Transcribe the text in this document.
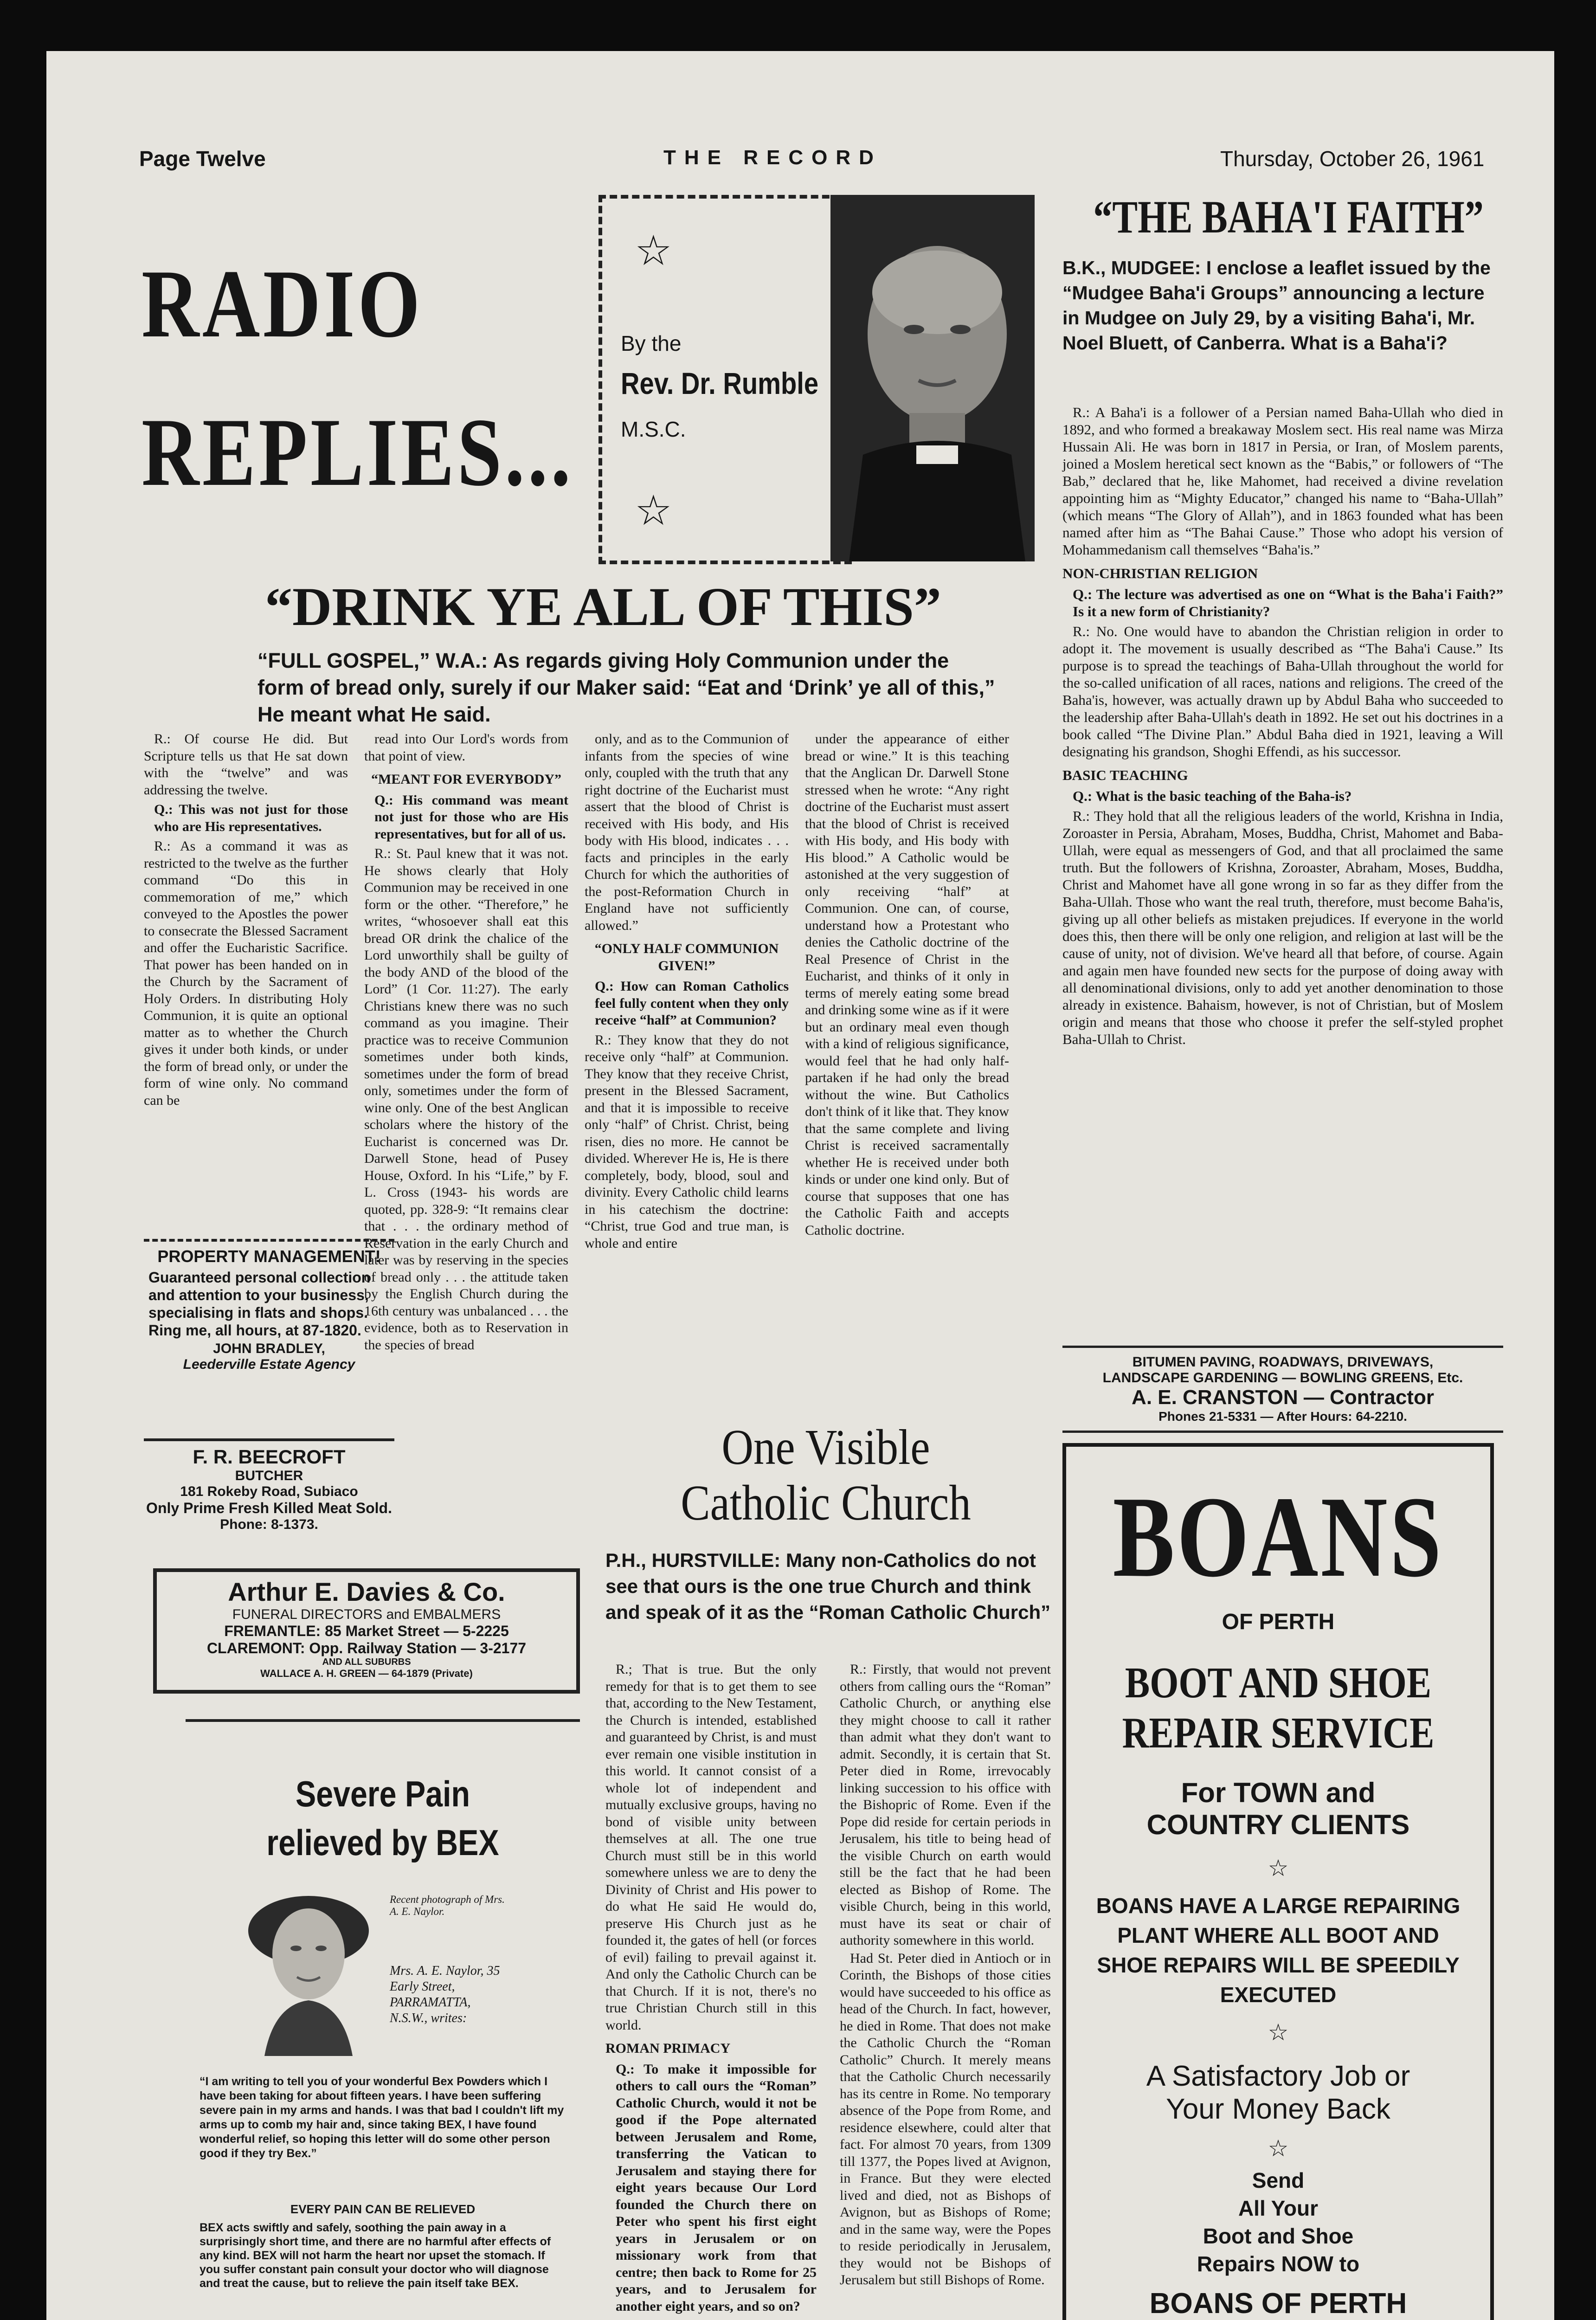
Page Twelve	THE RECORD	Thursday, October 26, 1961
RADIO
REPLIES...
☆
By the
Rev. Dr. Rumble
M.S.C.
☆
“DRINK YE ALL OF THIS”
“FULL GOSPEL,” W.A.: As regards giving Holy Communion under the form of bread only, surely if our Maker said: “Eat and ‘Drink’ ye all of this,” He meant what He said.

R.: Of course He did. But Scripture tells us that He sat down with the “twelve” and was addressing the twelve.

Q.: This was not just for those who are His representatives.

R.: As a command it was as restricted to the twelve as the further command “Do this in commemoration of me,” which conveyed to the Apostles the power to consecrate the Blessed Sacrament and offer the Eucharistic Sacrifice. That power has been handed on in the Church by the Sacrament of Holy Orders. In distributing Holy Communion, it is quite an optional matter as to whether the Church gives it under both kinds, or under the form of bread only, or under the form of wine only. No command can be

read into Our Lord's words from that point of view.

“MEANT FOR EVERYBODY”

Q.: His command was meant not just for those who are His representatives, but for all of us.

R.: St. Paul knew that it was not. He shows clearly that Holy Communion may be received in one form or the other. “Therefore,” he writes, “whosoever shall eat this bread OR drink the chalice of the Lord unworthily shall be guilty of the body AND of the blood of the Lord” (1 Cor. 11:27). The early Christians knew there was no such command as you imagine. Their practice was to receive Communion sometimes under both kinds, sometimes under the form of bread only, sometimes under the form of wine only. One of the best Anglican scholars where the history of the Eucharist is concerned was Dr. Darwell Stone, head of Pusey House, Oxford. In his “Life,” by F. L. Cross (1943- his words are quoted, pp. 328-9: “It remains clear that . . . the ordinary method of Reservation in the early Church and later was by reserving in the species of bread only . . . the attitude taken by the English Church during the 16th century was unbalanced . . . the evidence, both as to Reservation in the species of bread

only, and as to the Communion of infants from the species of wine only, coupled with the truth that any right doctrine of the Eucharist must assert that the blood of Christ is received with His body, and His body with His blood, indicates . . . facts and principles in the early Church for which the authorities of the post-Reformation Church in England have not sufficiently allowed.”

“ONLY HALF COMMUNION GIVEN!”

Q.: How can Roman Catholics feel fully content when they only receive “half” at Communion?

R.: They know that they do not receive only “half” at Communion. They know that they receive Christ, present in the Blessed Sacrament, and that it is impossible to receive only “half” of Christ. Christ, being risen, dies no more. He cannot be divided. Wherever He is, He is there completely, body, blood, soul and divinity. Every Catholic child learns in his catechism the doctrine: “Christ, true God and true man, is whole and entire

under the appearance of either bread or wine.” It is this teaching that the Anglican Dr. Darwell Stone stressed when he wrote: “Any right doctrine of the Eucharist must assert that the blood of Christ is received with His body, and His body with His blood.” A Catholic would be astonished at the very suggestion of only receiving “half” at Communion. One can, of course, understand how a Protestant who denies the Catholic doctrine of the Real Presence of Christ in the Eucharist, and thinks of it only in terms of merely eating some bread and drinking some wine as if it were but an ordinary meal even though with a kind of religious significance, would feel that he had only half-partaken if he had only the bread without the wine. But Catholics don't think of it like that. They know that the same complete and living Christ is received sacramentally whether He is received under both kinds or under one kind only. But of course that supposes that one has the Catholic Faith and accepts Catholic doctrine.

“THE BAHA'I FAITH”
B.K., MUDGEE: I enclose a leaflet issued by the “Mudgee Baha'i Groups” announcing a lecture in Mudgee on July 29, by a visiting Baha'i, Mr. Noel Bluett, of Canberra. What is a Baha'i?

R.: A Baha'i is a follower of a Persian named Baha-Ullah who died in 1892, and who formed a breakaway Moslem sect. His real name was Mirza Hussain Ali. He was born in 1817 in Persia, or Iran, of Moslem parents, joined a Moslem heretical sect known as the “Babis,” or followers of “The Bab,” declared that he, like Mahomet, had received a divine revelation appointing him as “Mighty Educator,” changed his name to “Baha-Ullah” (which means “The Glory of Allah”), and in 1863 founded what has been named after him as “The Bahai Cause.” Those who adopt his version of Mohammedanism call themselves “Baha'is.”

NON-CHRISTIAN RELIGION

Q.: The lecture was advertised as one on “What is the Baha'i Faith?” Is it a new form of Christianity?

R.: No. One would have to abandon the Christian religion in order to adopt it. The movement is usually described as “The Baha'i Cause.” Its purpose is to spread the teachings of Baha-Ullah throughout the world for the so-called unification of all races, nations and religions. The creed of the Baha'is, however, was actually drawn up by Abdul Baha who succeeded to the leadership after Baha-Ullah's death in 1892. He set out his doctrines in a book called “The Divine Plan.” Abdul Baha died in 1921, leaving a Will designating his grandson, Shoghi Effendi, as his successor.

BASIC TEACHING

Q.: What is the basic teaching of the Baha-is?

R.: They hold that all the religious leaders of the world, Krishna in India, Zoroaster in Persia, Abraham, Moses, Buddha, Christ, Mahomet and Baba-Ullah, were equal as messengers of God, and that all proclaimed the same truth. But the followers of Krishna, Zoroaster, Abraham, Moses, Buddha, Christ and Mahomet have all gone wrong in so far as they differ from the Baha-Ullah. Those who want the real truth, therefore, must become Baha'is, giving up all other beliefs as mistaken prejudices. If everyone in the world does this, then there will be only one religion, and religion at last will be the cause of unity, not of division. We've heard all that before, of course. Again and again men have founded new sects for the purpose of doing away with all denominational divisions, only to add yet another denomination to those already in existence. Bahaism, however, is not of Christian, but of Moslem origin and means that those who choose it prefer the self-styled prophet Baha-Ullah to Christ.

BITUMEN PAVING, ROADWAYS, DRIVEWAYS,
LANDSCAPE GARDENING — BOWLING GREENS, Etc.
A. E. CRANSTON — Contractor
Phones 21-5331 — After Hours: 64-2210.
PROPERTY MANAGEMENT!
Guaranteed personal collection and attention to your business, specialising in flats and shops. Ring me, all hours, at 87-1820.
JOHN BRADLEY,
Leederville Estate Agency
F. R. BEECROFT
BUTCHER
181 Rokeby Road, Subiaco
Only Prime Fresh Killed Meat Sold.
Phone: 8-1373.
Arthur E. Davies & Co.
FUNERAL DIRECTORS and EMBALMERS
FREMANTLE: 85 Market Street — 5-2225
CLAREMONT: Opp. Railway Station — 3-2177
AND ALL SUBURBS
WALLACE A. H. GREEN — 64-1879 (Private)
Severe Pain
relieved by BEX
Recent photograph of Mrs. A. E. Naylor.
Mrs. A. E. Naylor, 35 Early Street, PARRAMATTA, N.S.W., writes:
“I am writing to tell you of your wonderful Bex Powders which I have been taking for about fifteen years. I have been suffering severe pain in my arms and hands. I was that bad I couldn't lift my arms up to comb my hair and, since taking BEX, I have found wonderful relief, so hoping this letter will do some other person good if they try Bex.”
EVERY PAIN CAN BE RELIEVED
BEX acts swiftly and safely, soothing the pain away in a surprisingly short time, and there are no harmful after effects of any kind. BEX will not harm the heart nor upset the stomach. If you suffer constant pain consult your doctor who will diagnose and treat the cause, but to relieve the pain itself take BEX.
One Visible
Catholic Church
P.H., HURSTVILLE: Many non-Catholics do not see that ours is the one true Church and think and speak of it as the “Roman Catholic Church”

R.; That is true. But the only remedy for that is to get them to see that, according to the New Testament, the Church is intended, established and guaranteed by Christ, is and must ever remain one visible institution in this world. It cannot consist of a whole lot of independent and mutually exclusive groups, having no bond of visible unity between themselves at all. The one true Church must still be in this world somewhere unless we are to deny the Divinity of Christ and His power to do what He said He would do, preserve His Church just as he founded it, the gates of hell (or forces of evil) failing to prevail against it. And only the Catholic Church can be that Church. If it is not, there's no true Christian Church still in this world.

ROMAN PRIMACY

Q.: To make it impossible for others to call ours the “Roman” Catholic Church, would it not be good if the Pope alternated between Jerusalem and Rome, transferring the Vatican to Jerusalem and staying there for eight years because Our Lord founded the Church there on Peter who spent his first eight years in Jerusalem or on missionary work from that centre; then back to Rome for 25 years, and to Jerusalem for another eight years, and so on?

R.: Firstly, that would not prevent others from calling ours the “Roman” Catholic Church, or anything else they might choose to call it rather than admit what they don't want to admit. Secondly, it is certain that St. Peter died in Rome, irrevocably linking succession to his office with the Bishopric of Rome. Even if the Pope did reside for certain periods in Jerusalem, his title to being head of the visible Church on earth would still be the fact that he had been elected as Bishop of Rome. The visible Church, being in this world, must have its seat or chair of authority somewhere in this world.

Had St. Peter died in Antioch or in Corinth, the Bishops of those cities would have succeeded to his office as head of the Church. In fact, however, he died in Rome. That does not make the Catholic Church the “Roman Catholic” Church. It merely means that the Catholic Church necessarily has its centre in Rome. No temporary absence of the Pope from Rome, and residence elsewhere, could alter that fact. For almost 70 years, from 1309 till 1377, the Popes lived at Avignon, in France. But they were elected lived and died, not as Bishops of Avignon, but as Bishops of Rome; and in the same way, were the Popes to reside periodically in Jerusalem, they would not be Bishops of Jerusalem but still Bishops of Rome.

BOANS
OF PERTH
BOOT AND SHOE
REPAIR SERVICE
For TOWN and
COUNTRY CLIENTS
☆
BOANS HAVE A LARGE REPAIRING PLANT WHERE ALL BOOT AND SHOE REPAIRS WILL BE SPEEDILY EXECUTED
☆
A Satisfactory Job or
Your Money Back
☆
Send
All Your
Boot and Shoe
Repairs NOW to
BOANS OF PERTH
